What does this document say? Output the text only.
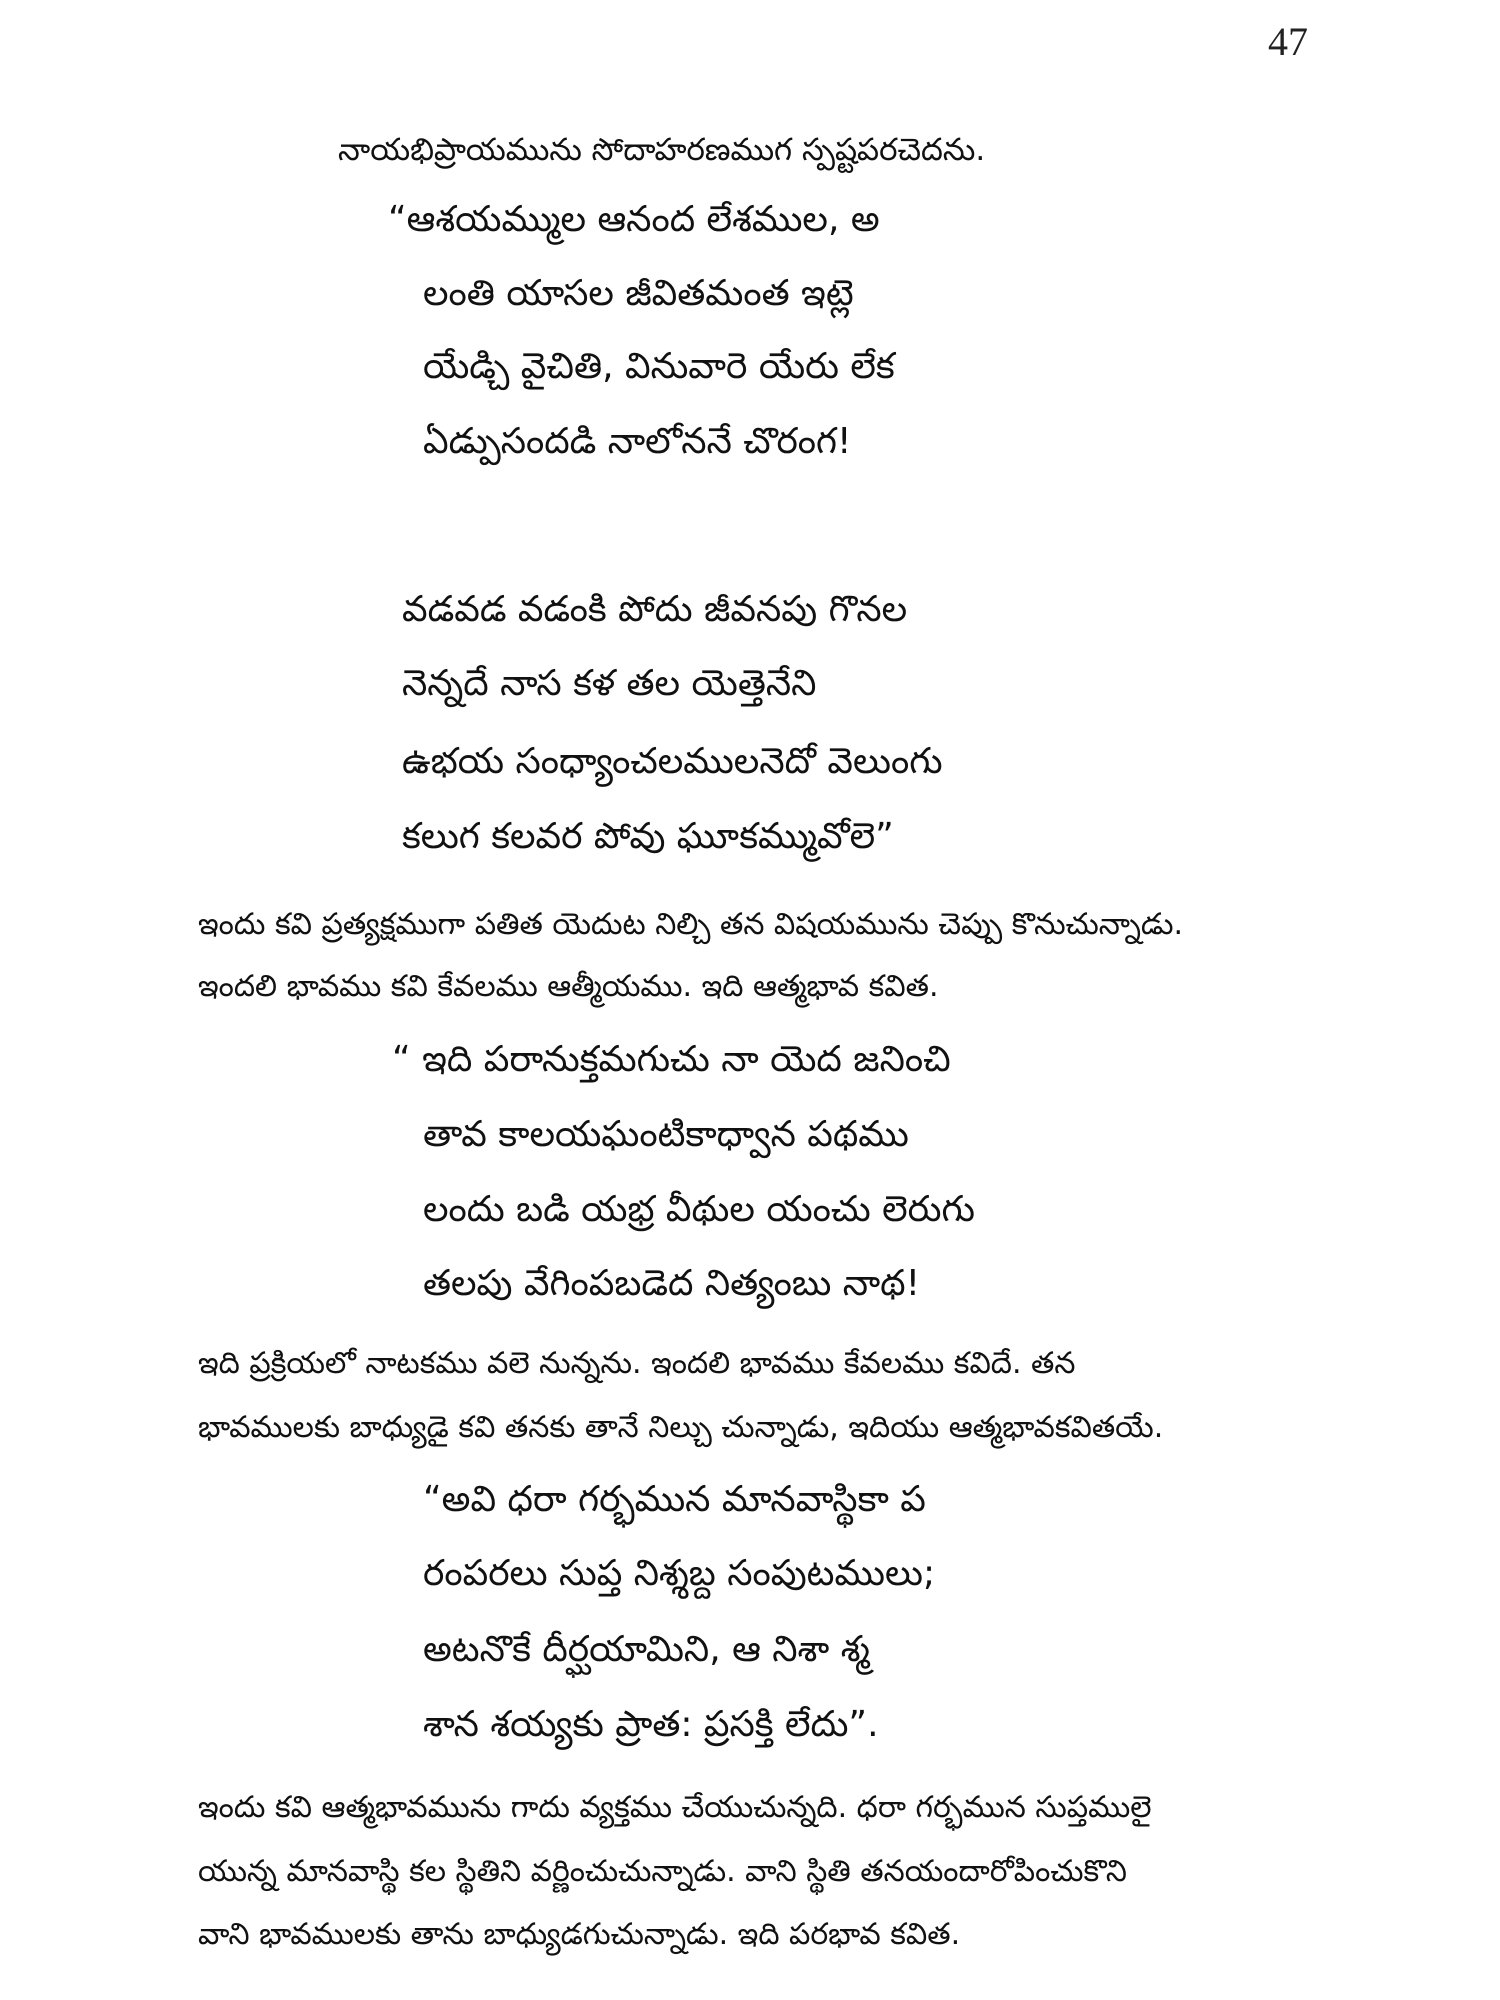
47
నాయభిప్రాయమును సోదాహరణముగ స్పష్టపరచెదను.
“ఆశయమ్ముల ఆనంద లేశముల, అ
లంతి యాసల జీవితమంత ఇట్లె
యేడ్చి వైచితి, వినువారె యేరు లేక
ఏడ్పుసందడి నాలోననే చొరంగ!
వడవడ వడంకి పోదు జీవనపు గొనల
నెన్నదే నాస కళ తల యెత్తెనేని
ఉభయ సంధ్యాంచలములనెదో వెలుంగు
కలుగ కలవర పోవు ఘూకమ్మువోలె”
ఇందు కవి ప్రత్యక్షముగా పతిత యెదుట నిల్చి తన విషయమును చెప్పు కొనుచున్నాడు.
ఇందలి భావము కవి కేవలము ఆత్మీయము. ఇది ఆత్మభావ కవిత.
“ ఇది పరానుక్తమగుచు నా యెద జనించి
తావ కాలయఘంటికాధ్వాన పథము
లందు బడి యభ్ర వీథుల యంచు లెరుగు
తలపు వేగింపబడెద నిత్యంబు నాథ!
ఇది ప్రక్రియలో నాటకము వలె నున్నను. ఇందలి భావము కేవలము కవిదే. తన
భావములకు బాధ్యుడై కవి తనకు తానే నిల్చు చున్నాడు, ఇదియు ఆత్మభావకవితయే.
“అవి ధరా గర్భమున మానవాస్థికా ప
రంపరలు సుప్త నిశ్శబ్ద సంపుటములు;
అటనొకే దీర్ఘయామిని, ఆ నిశా శ్మ
శాన శయ్యకు ప్రాత: ప్రసక్తి లేదు”.
ఇందు కవి ఆత్మభావమును గాదు వ్యక్తము చేయుచున్నది. ధరా గర్భమున సుప్తములై
యున్న మానవాస్థి కల స్థితిని వర్ణించుచున్నాడు. వాని స్థితి తనయందారోపించుకొని
వాని భావములకు తాను బాధ్యుడగుచున్నాడు. ఇది పరభావ కవిత.
